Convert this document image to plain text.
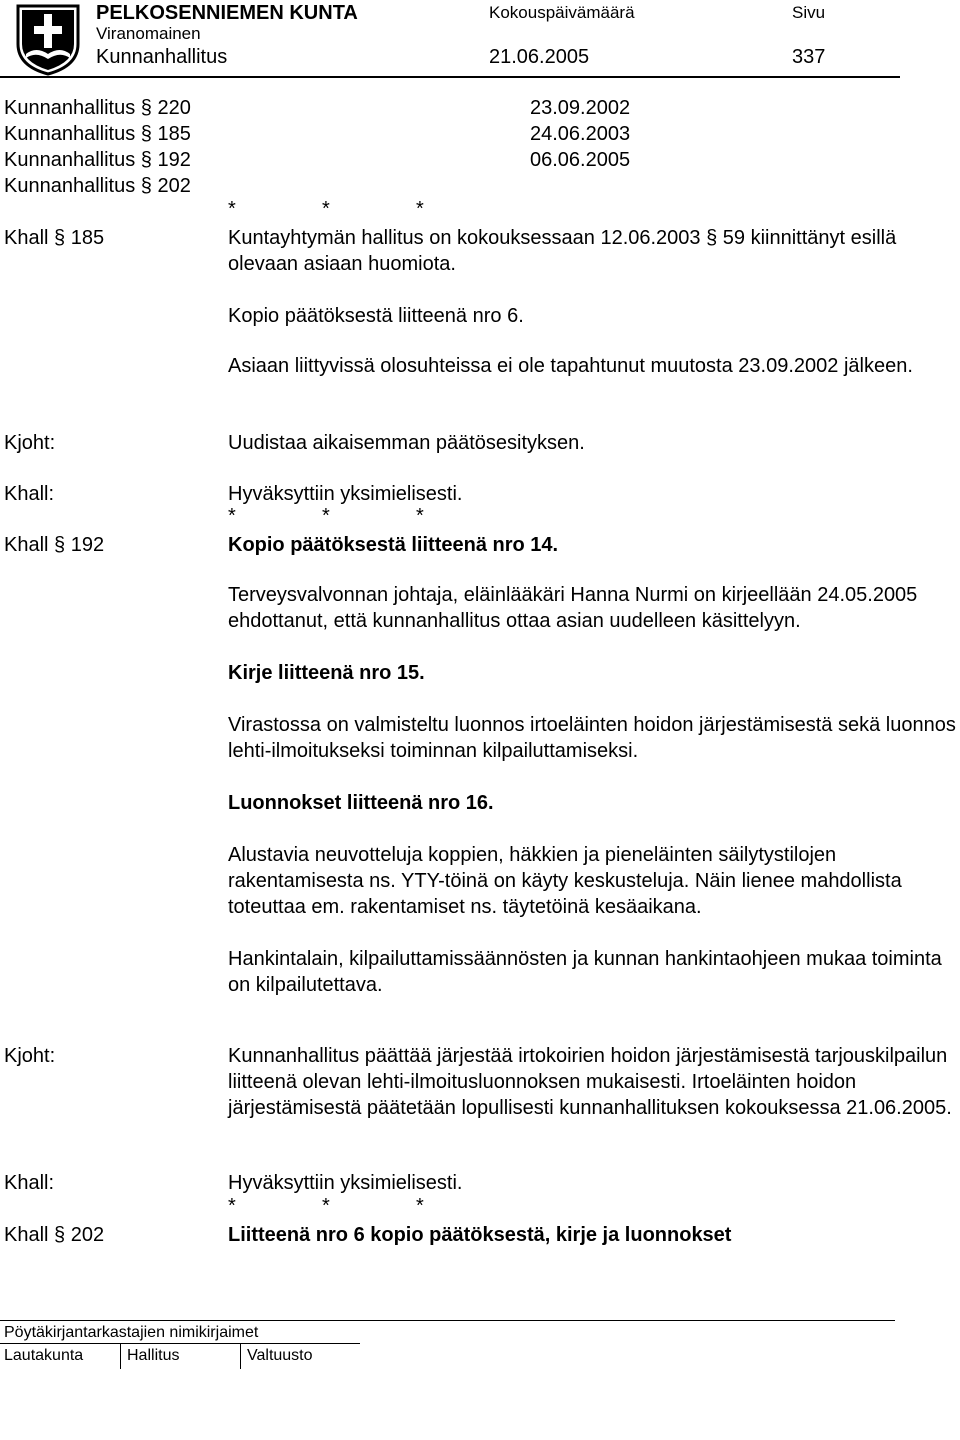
PELKOSENNIEMEN KUNTA	Kokouspäivämäärä	Sivu
Viranomainen
Kunnanhallitus	21.06.2005	337
Kunnanhallitus § 220	23.09.2002
Kunnanhallitus § 185	24.06.2003
Kunnanhallitus § 192	06.06.2005
Kunnanhallitus § 202
*	*	*
Khall § 185	Kuntayhtymän hallitus on kokouksessaan 12.06.2003 § 59 kiinnittänyt esillä olevaan asiaan huomiota.

Kopio päätöksestä liitteenä nro 6.

Asiaan liittyvissä olosuhteissa ei ole tapahtunut muutosta 23.09.2002 jälkeen.

Kjoht:	Uudistaa aikaisemman päätösesityksen.
Khall:	Hyväksyttiin yksimielisesti.
*	*	*
Khall § 192	Kopio päätöksestä liitteenä nro 14.

Terveysvalvonnan johtaja, eläinlääkäri Hanna Nurmi on kirjeellään 24.05.2005 ehdottanut, että kunnanhallitus ottaa asian uudelleen käsittelyyn.

Kirje liitteenä nro 15.

Virastossa on valmisteltu luonnos irtoeläinten hoidon järjestämisestä sekä luonnos lehti-ilmoitukseksi toiminnan kilpailuttamiseksi.

Luonnokset liitteenä nro 16.

Alustavia neuvotteluja koppien, häkkien ja pieneläinten säilytystilojen rakentamisesta ns. YTY-töinä on käyty keskusteluja. Näin lienee mahdollista toteuttaa em. rakentamiset ns. täytetöinä kesäaikana.

Hankintalain, kilpailuttamissäännösten ja kunnan hankintaohjeen mukaa toiminta on kilpailutettava.

Kjoht:	Kunnanhallitus päättää järjestää irtokoirien hoidon järjestämisestä tarjouskilpailun liitteenä olevan lehti-ilmoitusluonnoksen mukaisesti. Irtoeläinten hoidon järjestämisestä päätetään lopullisesti kunnanhallituksen kokouksessa 21.06.2005.

Khall:	Hyväksyttiin yksimielisesti.
*	*	*
Khall § 202	Liitteenä nro 6 kopio päätöksestä, kirje ja luonnokset
Pöytäkirjantarkastajien nimikirjaimet
Lautakunta	Hallitus	Valtuusto
